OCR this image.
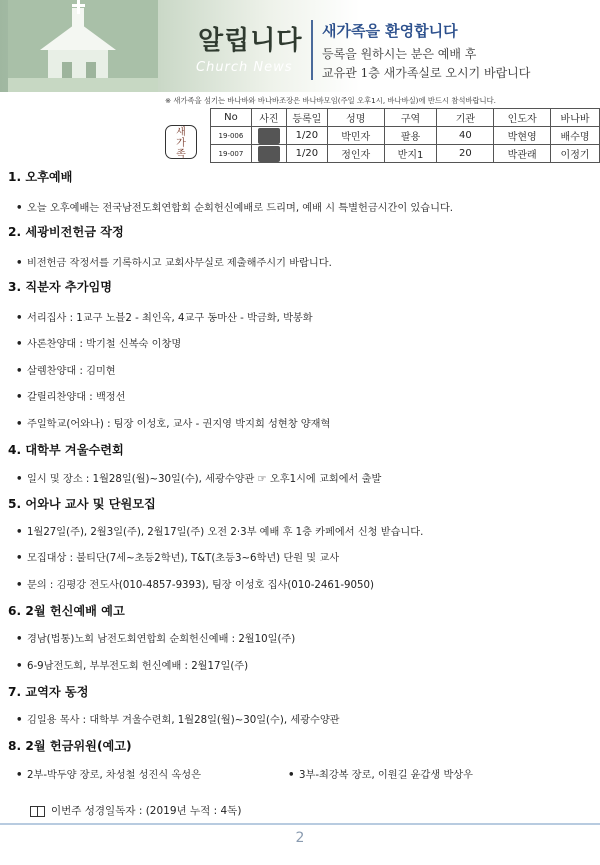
알립니다
Church News
새가족을 환영합니다
등록을 원하시는 분은 예배 후
교유관 1층 새가족실로 오시기 바랍니다
※ 새가족을 섬기는 바나바와 바나바조장은 바나바모임(주일 오후1시, 바나바실)에 반드시 참석바랍니다.
새
가
족
No	사진	등록일	성명	구역	기관	인도자	바나바
19-006		1/20	박민자	팔용	40	박현영	배수명
19-007		1/20	정인자	반지1	20	박관래	이정기
1. 오후예배
• 오늘 오후예배는 전국남전도회연합회 순회헌신예배로 드리며, 예배 시 특별헌금시간이 있습니다.
2. 세광비전헌금 작정
• 비전헌금 작정서를 기록하시고 교회사무실로 제출해주시기 바랍니다.
3. 직분자 추가임명
• 서리집사 : 1교구 노블2 - 최인옥, 4교구 동마산 - 박금화, 박봉화
• 사론찬양대 : 박기철 신복숙 이창명
• 살렘찬양대 : 김미현
• 갈릴리찬양대 : 백정선
• 주일학교(어와나) : 팀장 이성호, 교사 - 권지영 박지희 성현창 양재혁
4. 대학부 겨울수련회
• 일시 및 장소 : 1월28일(월)~30일(수), 세광수양관 ☞ 오후1시에 교회에서 출발
5. 어와나 교사 및 단원모집
• 1월27일(주), 2월3일(주), 2월17일(주) 오전 2·3부 예배 후 1층 카페에서 신청 받습니다.
• 모집대상 : 불티단(7세~초등2학년), T&T(초등3~6학년) 단원 및 교사
• 문의 : 김평강 전도사(010-4857-9393), 팀장 이성호 집사(010-2461-9050)
6. 2월 헌신예배 예고
• 경남(법통)노회 남전도회연합회 순회헌신예배 : 2월10일(주)
• 6-9남전도회, 부부전도회 헌신예배 : 2월17일(주)
7. 교역자 동정
• 김일용 목사 : 대학부 겨울수련회, 1월28일(월)~30일(수), 세광수양관
8. 2월 헌금위원(예고)
• 2부-박두양 장로, 차성철 성진식 옥성은	• 3부-최강복 장로, 이원길 윤갑생 박상우
이번주 성경일독자 : (2019년 누적 : 4독)
2
